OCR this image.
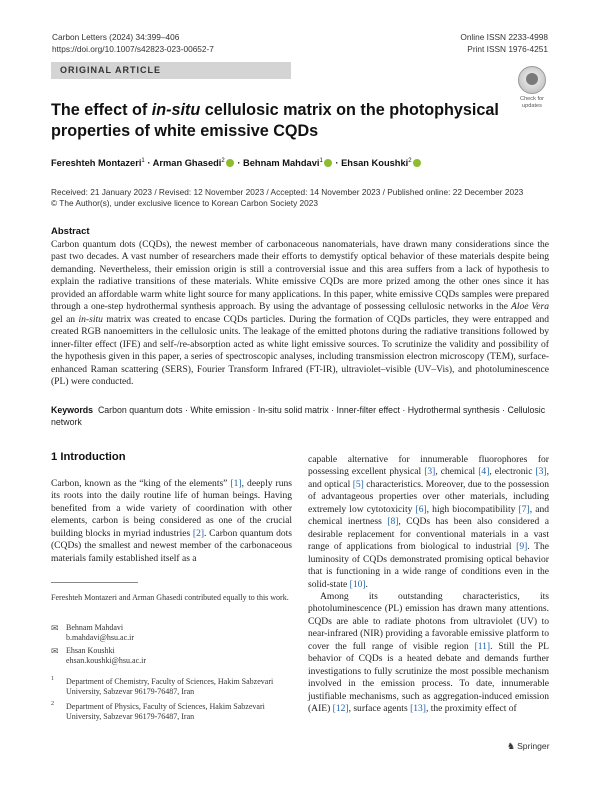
Carbon Letters (2024) 34:399–406
https://doi.org/10.1007/s42823-023-00652-7
Online ISSN 2233-4998
Print ISSN 1976-4251
ORIGINAL ARTICLE
Check for
updates
The effect of in-situ cellulosic matrix on the photophysical properties of white emissive CQDs
Fereshteh Montazeri$^1$ · Arman Ghasedi$^2$ · Behnam Mahdavi$^1$ · Ehsan Koushki$^2$
Received: 21 January 2023 / Revised: 12 November 2023 / Accepted: 14 November 2023 / Published online: 22 December 2023
© The Author(s), under exclusive licence to Korean Carbon Society 2023
Abstract

Carbon quantum dots (CQDs), the newest member of carbonaceous nanomaterials, have drawn many considerations since the past two decades. A vast number of researchers made their efforts to demystify optical behavior of these materials despite being demanding. Nevertheless, their emission origin is still a controversial issue and this area suffers from a lack of hypothesis to explain the radiative transitions of these materials. White emissive CQDs are more prized among the other ones since it has provided an affordable warm white light source for many applications. In this paper, white emissive CQDs samples were prepared through a one-step hydrothermal synthesis approach. By using the advantage of possessing cellulosic networks in the Aloe Vera gel an in-situ matrix was created to encase CQDs particles. During the formation of CQDs particles, they were entrapped and created RGB nanoemitters in the cellulosic units. The leakage of the emitted photons during the radiative transitions followed by inner-filter effect (IFE) and self-/re-absorption acted as white light emissive sources. To scrutinize the validity and possibility of the hypothesis given in this paper, a series of spectroscopic analyses, including transmission electron microscopy (TEM), surface-enhanced Raman scattering (SERS), Fourier Transform Infrared (FT-IR), ultraviolet–visible (UV–Vis), and photoluminescence (PL) were conducted.

Keywords Carbon quantum dots · White emission · In-situ solid matrix · Inner-filter effect · Hydrothermal synthesis · Cellulosic network
1 Introduction

Carbon, known as the “king of the elements” [1], deeply runs its roots into the daily routine life of human beings. Having benefited from a wide variety of coordination with other elements, carbon is being considered as one of the crucial building blocks in myriad industries [2]. Carbon quantum dots (CQDs) the smallest and newest member of the carbonaceous materials family established itself as a

capable alternative for innumerable fluorophores for possessing excellent physical [3], chemical [4], electronic [3], and optical [5] characteristics. Moreover, due to the possession of advantageous properties over other materials, including extremely low cytotoxicity [6], high biocompatibility [7], and chemical inertness [8], CQDs has been also considered a desirable replacement for conventional materials in a vast range of applications from biological to industrial [9]. The luminosity of CQDs demonstrated promising optical behavior that is functioning in a wide range of conditions even in the solid-state [10].

Among its outstanding characteristics, its photoluminescence (PL) emission has drawn many attentions. CQDs are able to radiate photons from ultraviolet (UV) to near-infrared (NIR) providing a favorable emissive platform to cover the full range of visible region [11]. Still the PL behavior of CQDs is a heated debate and demands further investigations to fully scrutinize the most possible mechanism involved in the emission process. To date, innumerable justifiable mechanisms, such as aggregation-induced emission (AIE) [12], surface agents [13], the proximity effect of

Fereshteh Montazeri and Arman Ghasedi contributed equally to this work.
✉ Behnam Mahdavi
b.mahdavi@hsu.ac.ir
✉ Ehsan Koushki
ehsan.koushki@hsu.ac.ir
1 Department of Chemistry, Faculty of Sciences, Hakim Sabzevari University, Sabzevar 96179-76487, Iran
2 Department of Physics, Faculty of Sciences, Hakim Sabzevari University, Sabzevar 96179-76487, Iran
♞ Springer
